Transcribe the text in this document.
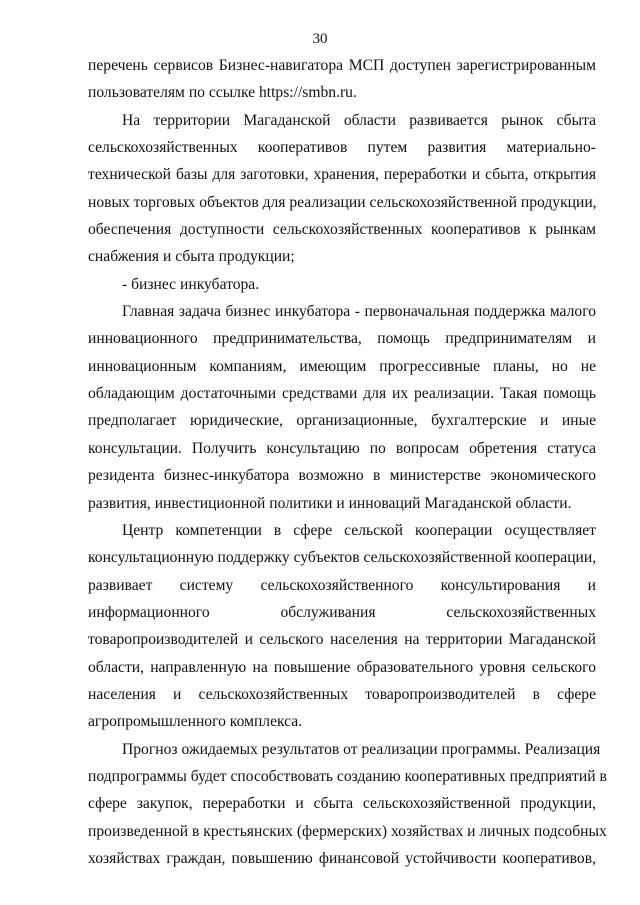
30
перечень сервисов Бизнес-навигатора МСП доступен зарегистрированным
пользователям по ссылке https://smbn.ru.
На территории Магаданской области развивается рынок сбыта
сельскохозяйственных кооперативов путем развития материально-
технической базы для заготовки, хранения, переработки и сбыта, открытия
новых торговых объектов для реализации сельскохозяйственной продукции,
обеспечения доступности сельскохозяйственных кооперативов к рынкам
снабжения и сбыта продукции;
- бизнес инкубатора.
Главная задача бизнес инкубатора - первоначальная поддержка малого
инновационного предпринимательства, помощь предпринимателям и
инновационным компаниям, имеющим прогрессивные планы, но не
обладающим достаточными средствами для их реализации. Такая помощь
предполагает юридические, организационные, бухгалтерские и иные
консультации. Получить консультацию по вопросам обретения статуса
резидента бизнес-инкубатора возможно в министерстве экономического
развития, инвестиционной политики и инноваций Магаданской области.
Центр компетенции в сфере сельской кооперации осуществляет
консультационную поддержку субъектов сельскохозяйственной кооперации,
развивает систему сельскохозяйственного консультирования и
информационного обслуживания сельскохозяйственных
товаропроизводителей и сельского населения на территории Магаданской
области, направленную на повышение образовательного уровня сельского
населения и сельскохозяйственных товаропроизводителей в сфере
агропромышленного комплекса.
Прогноз ожидаемых результатов от реализации программы. Реализация
подпрограммы будет способствовать созданию кооперативных предприятий в
сфере закупок, переработки и сбыта сельскохозяйственной продукции,
произведенной в крестьянских (фермерских) хозяйствах и личных подсобных
хозяйствах граждан, повышению финансовой устойчивости кооперативов,
